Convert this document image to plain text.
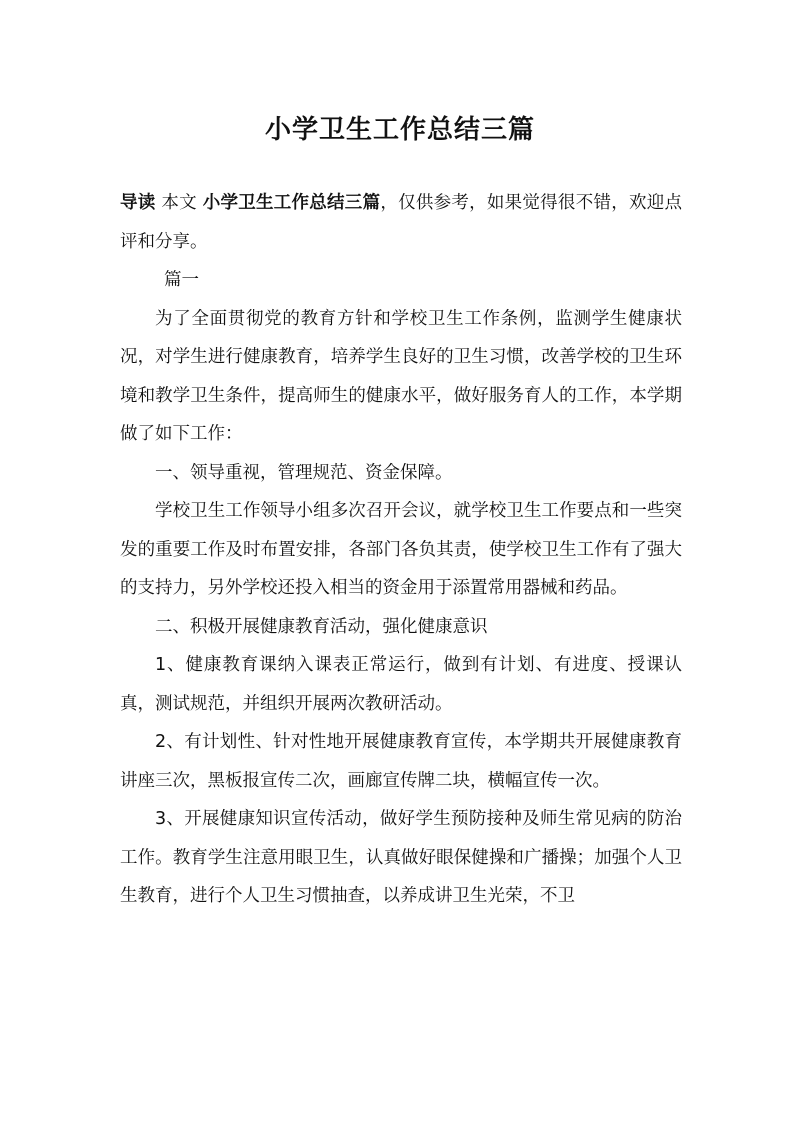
小学卫生工作总结三篇

导读 本文 小学卫生工作总结三篇，仅供参考，如果觉得很不错，欢迎点评和分享。

篇一

为了全面贯彻党的教育方针和学校卫生工作条例，监测学生健康状况，对学生进行健康教育，培养学生良好的卫生习惯，改善学校的卫生环境和教学卫生条件，提高师生的健康水平，做好服务育人的工作，本学期做了如下工作：

一、领导重视，管理规范、资金保障。

学校卫生工作领导小组多次召开会议，就学校卫生工作要点和一些突发的重要工作及时布置安排，各部门各负其责，使学校卫生工作有了强大的支持力，另外学校还投入相当的资金用于添置常用器械和药品。

二、积极开展健康教育活动，强化健康意识

1、健康教育课纳入课表正常运行，做到有计划、有进度、授课认真，测试规范，并组织开展两次教研活动。

2、有计划性、针对性地开展健康教育宣传，本学期共开展健康教育讲座三次，黑板报宣传二次，画廊宣传牌二块，横幅宣传一次。

3、开展健康知识宣传活动，做好学生预防接种及师生常见病的防治工作。教育学生注意用眼卫生，认真做好眼保健操和广播操；加强个人卫生教育，进行个人卫生习惯抽查，以养成讲卫生光荣，不卫
